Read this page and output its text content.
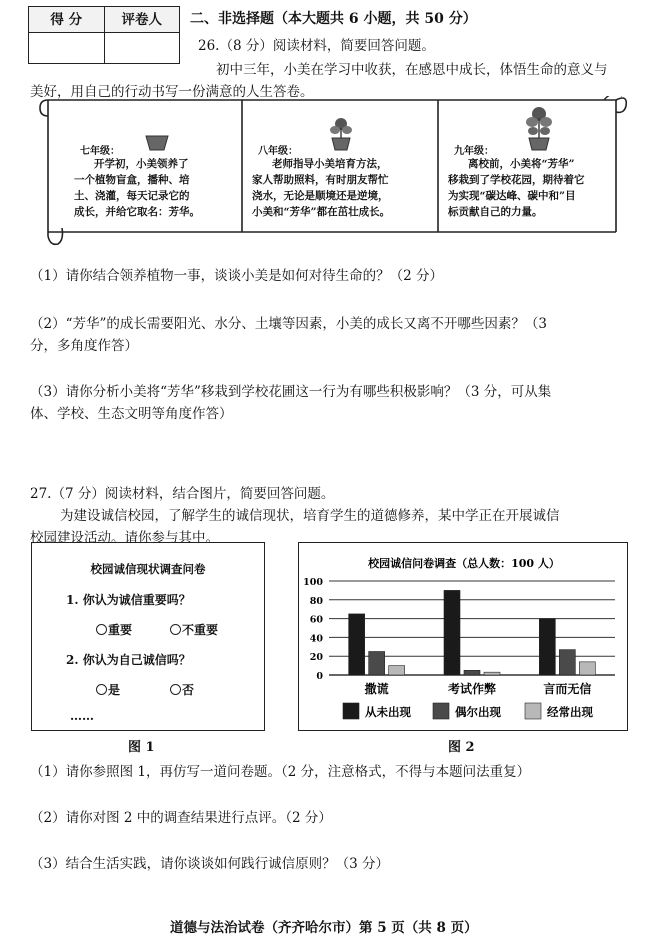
得 分	评卷人	二、非选择题（本大题共 6 小题，共 50 分）
26.（8 分）阅读材料，简要回答问题。
初中三年，小美在学习中收获，在感恩中成长，体悟生命的意义与
美好，用自己的行动书写一份满意的人生答卷。
七年级：
开学初，小美领养了
一个植物盲盒，播种、培
土、浇灌，每天记录它的
成长，并给它取名：芳华。
八年级：
老师指导小美培育方法，
家人帮助照料，有时朋友帮忙
浇水，无论是顺境还是逆境，
小美和“芳华”都在茁壮成长。
九年级：
离校前，小美将“芳华”
移栽到了学校花园，期待着它
为实现“碳达峰、碳中和”目
标贡献自己的力量。
（1）请你结合领养植物一事，谈谈小美是如何对待生命的？（2 分）
（2）“芳华”的成长需要阳光、水分、土壤等因素，小美的成长又离不开哪些因素？（3
分，多角度作答）
（3）请你分析小美将“芳华”移栽到学校花圃这一行为有哪些积极影响？（3 分，可从集
体、学校、生态文明等角度作答）
27.（7 分）阅读材料，结合图片，简要回答问题。
为建设诚信校园，了解学生的诚信现状，培育学生的道德修养，某中学正在开展诚信
校园建设活动。请你参与其中。
校园诚信现状调查问卷
1. 你认为诚信重要吗？
重要	不重要
2. 你认为自己诚信吗？
是	否
……
校园诚信问卷调查（总人数：100 人）
100
80
60
40
20
0
撒谎	考试作弊	言而无信
从未出现	偶尔出现	经常出现
图 1	图 2
（1）请你参照图 1，再仿写一道问卷题。（2 分，注意格式，不得与本题问法重复）
（2）请你对图 2 中的调查结果进行点评。（2 分）
（3）结合生活实践，请你谈谈如何践行诚信原则？（3 分）
道德与法治试卷（齐齐哈尔市）第 5 页（共 8 页）
